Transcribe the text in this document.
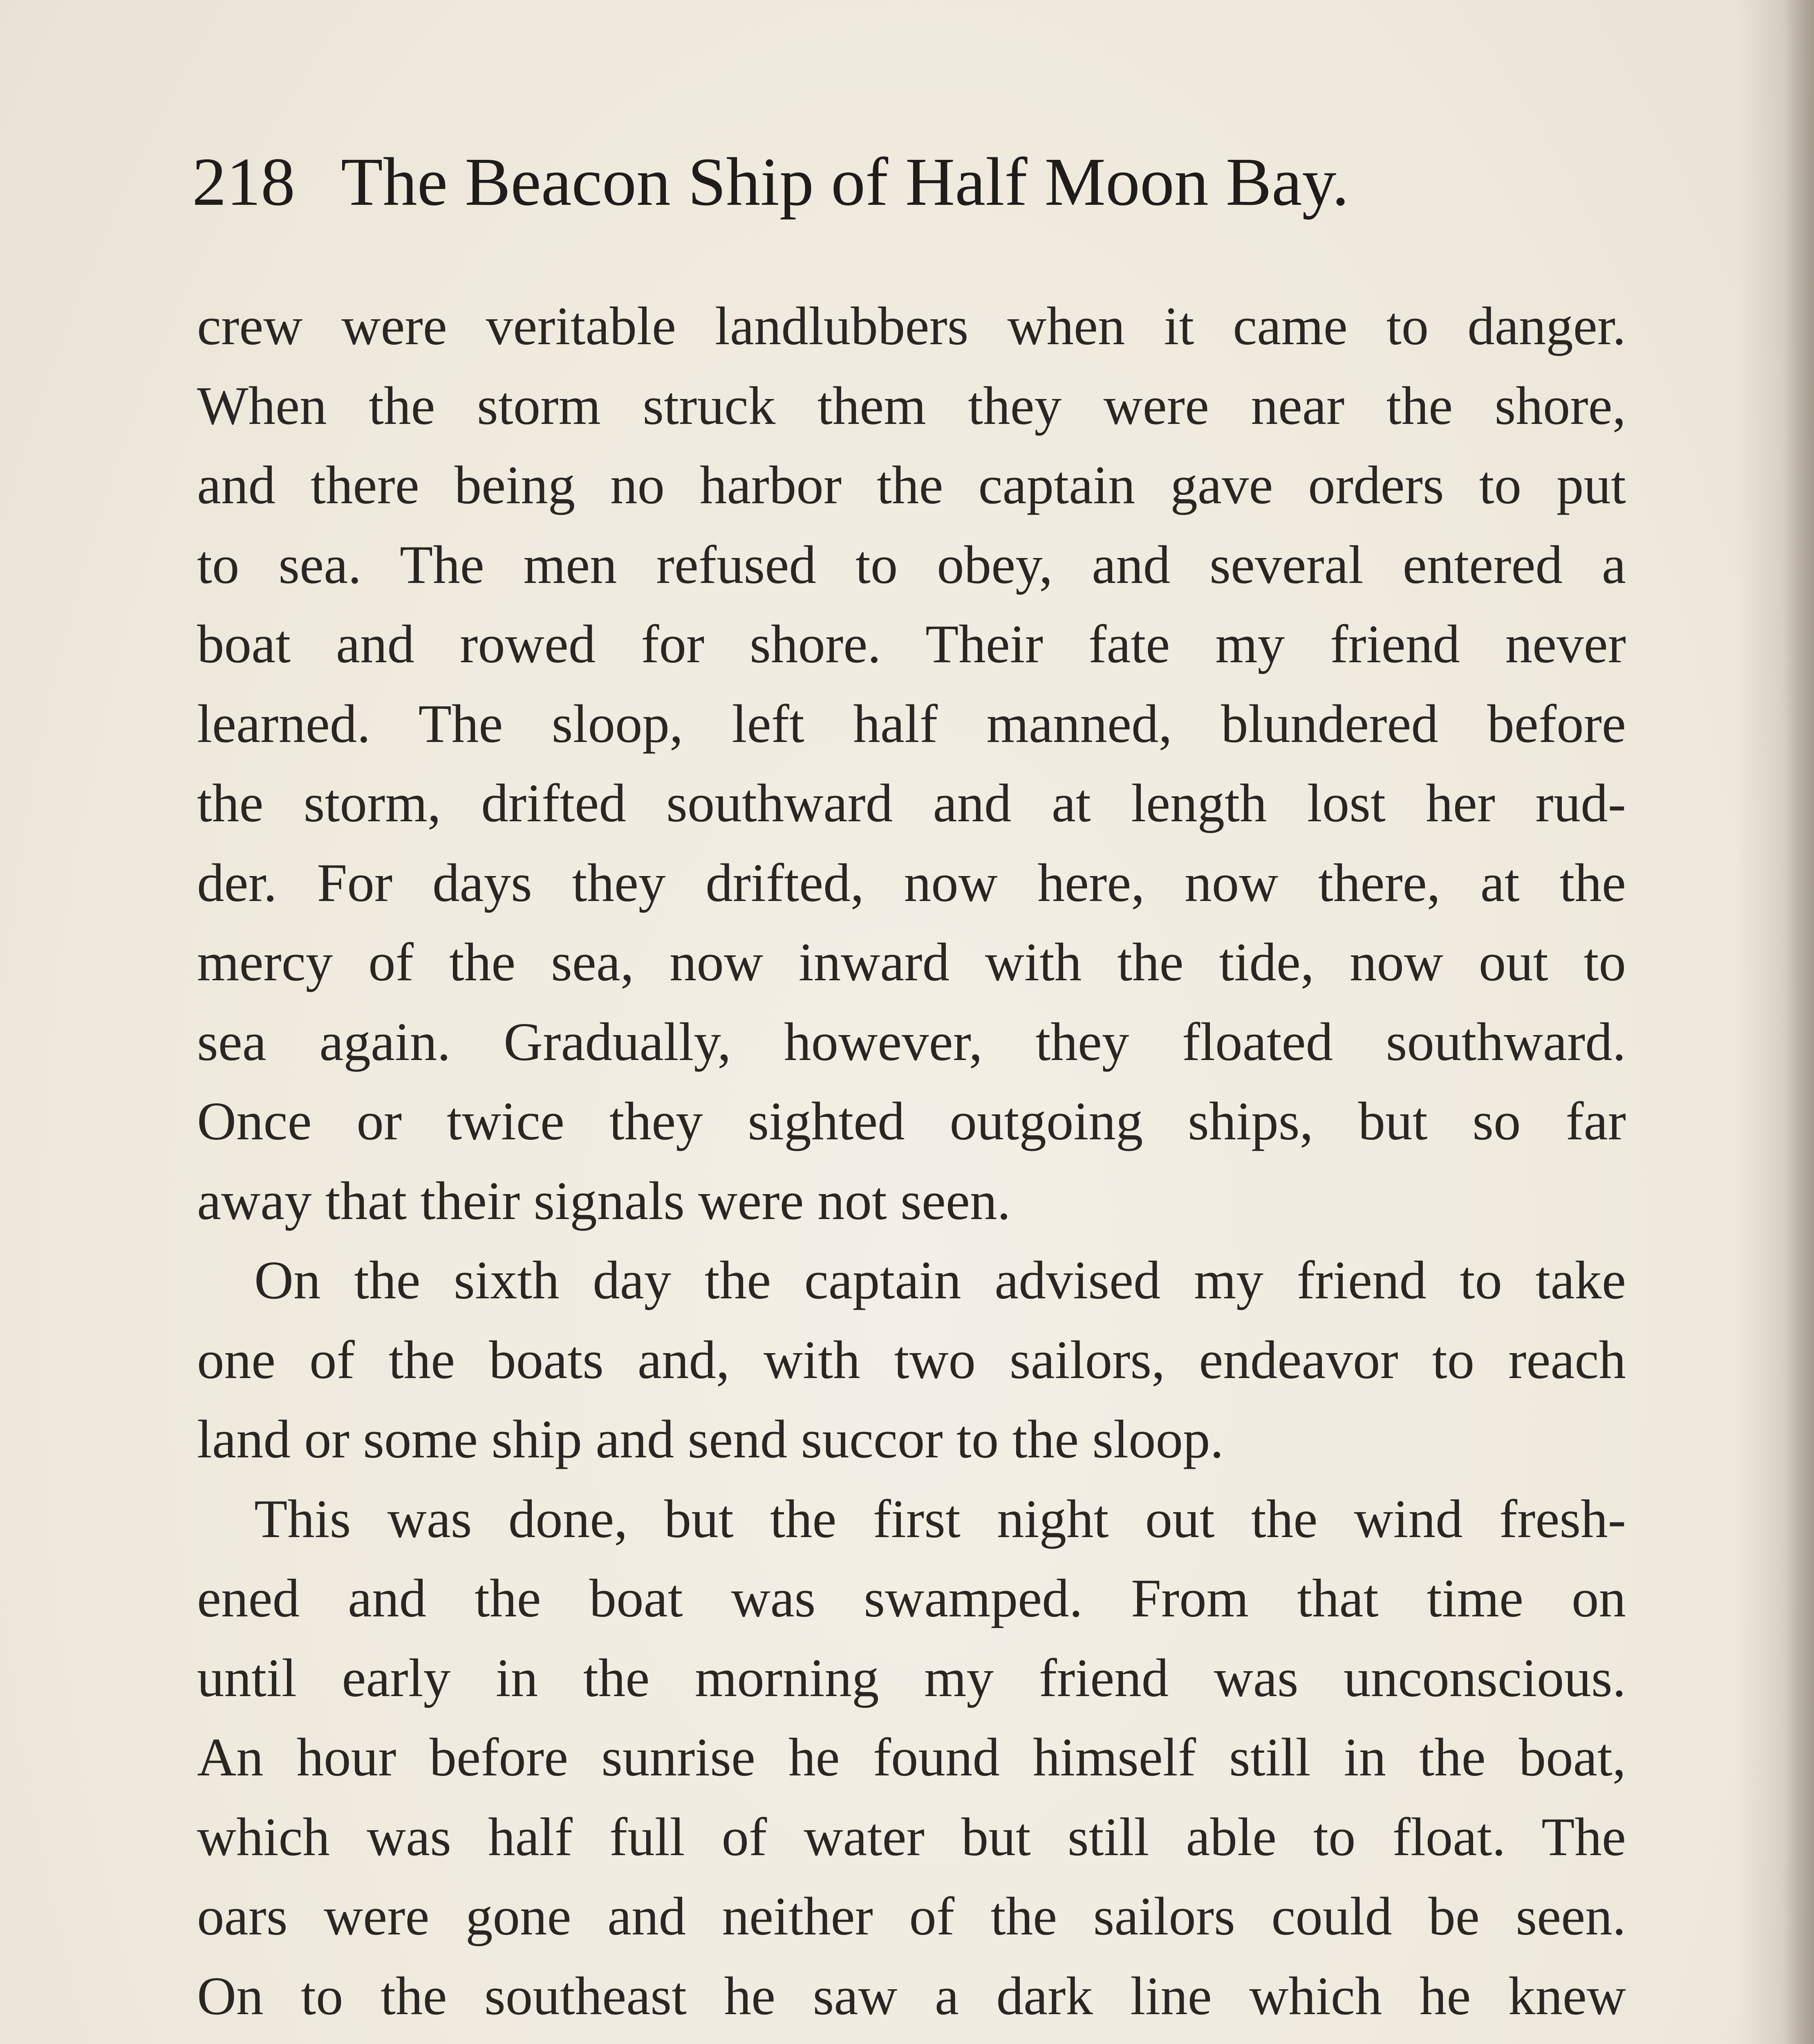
218 The Beacon Ship of Half Moon Bay.
crew were veritable landlubbers when it came to danger.
When the storm struck them they were near the shore,
and there being no harbor the captain gave orders to put
to sea. The men refused to obey, and several entered a
boat and rowed for shore. Their fate my friend never
learned. The sloop, left half manned, blundered before
the storm, drifted southward and at length lost her rud-
der. For days they drifted, now here, now there, at the
mercy of the sea, now inward with the tide, now out to
sea again. Gradually, however, they floated southward.
Once or twice they sighted outgoing ships, but so far
away that their signals were not seen.
On the sixth day the captain advised my friend to take
one of the boats and, with two sailors, endeavor to reach
land or some ship and send succor to the sloop.
This was done, but the first night out the wind fresh-
ened and the boat was swamped. From that time on
until early in the morning my friend was unconscious.
An hour before sunrise he found himself still in the boat,
which was half full of water but still able to float. The
oars were gone and neither of the sailors could be seen.
On to the southeast he saw a dark line which he knew
